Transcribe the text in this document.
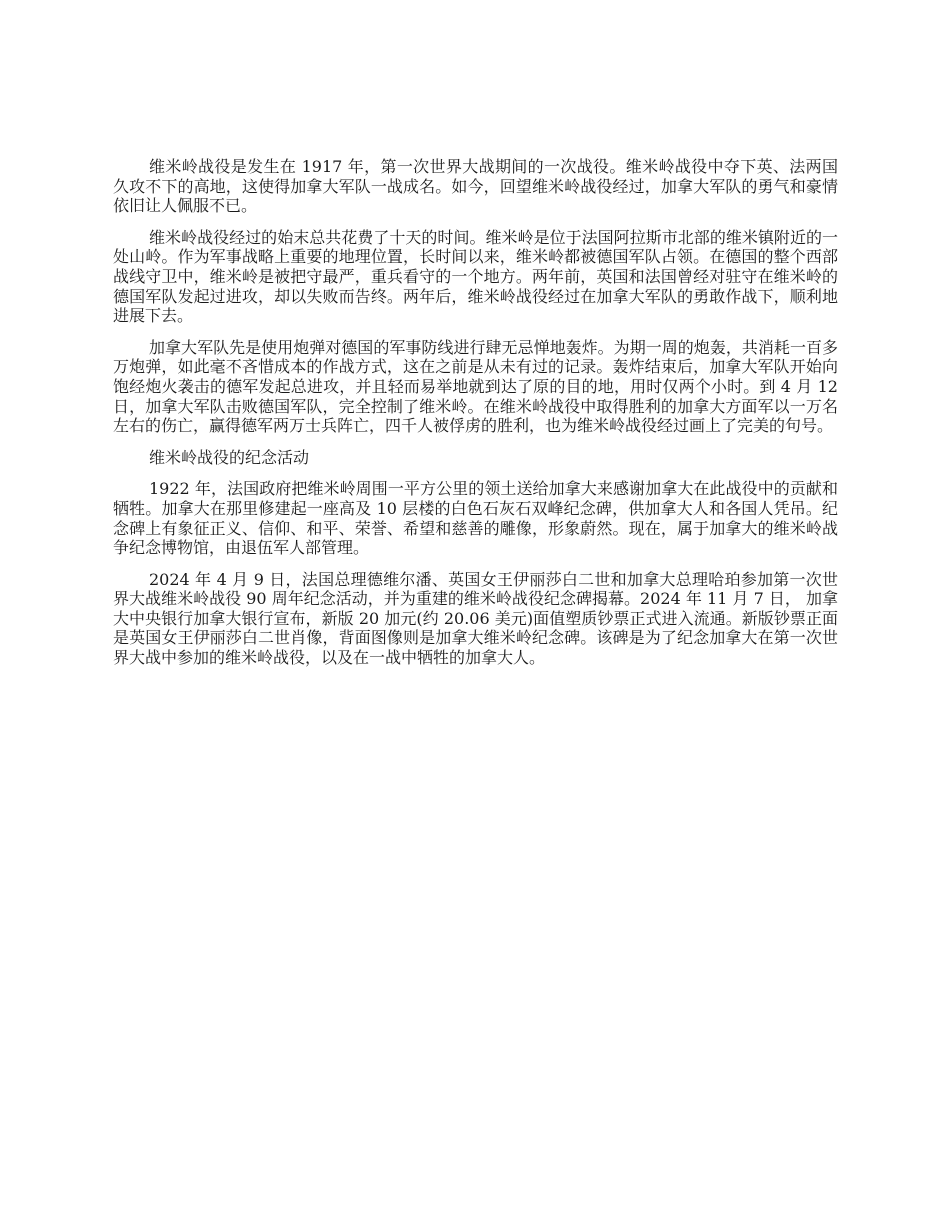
维米岭战役是发生在 1917 年，第一次世界大战期间的一次战役。维米岭战役中夺下英、法两国久攻不下的高地，这使得加拿大军队一战成名。如今，回望维米岭战役经过，加拿大军队的勇气和豪情依旧让人佩服不已。

维米岭战役经过的始末总共花费了十天的时间。维米岭是位于法国阿拉斯市北部的维米镇附近的一处山岭。作为军事战略上重要的地理位置，长时间以来，维米岭都被德国军队占领。在德国的整个西部战线守卫中，维米岭是被把守最严，重兵看守的一个地方。两年前，英国和法国曾经对驻守在维米岭的德国军队发起过进攻，却以失败而告终。两年后，维米岭战役经过在加拿大军队的勇敢作战下，顺利地进展下去。

加拿大军队先是使用炮弹对德国的军事防线进行肆无忌惮地轰炸。为期一周的炮轰，共消耗一百多万炮弹，如此毫不吝惜成本的作战方式，这在之前是从未有过的记录。轰炸结束后，加拿大军队开始向饱经炮火袭击的德军发起总进攻，并且轻而易举地就到达了原的目的地，用时仅两个小时。到 4 月 12 日，加拿大军队击败德国军队，完全控制了维米岭。在维米岭战役中取得胜利的加拿大方面军以一万名左右的伤亡，赢得德军两万士兵阵亡，四千人被俘虏的胜利，也为维米岭战役经过画上了完美的句号。

维米岭战役的纪念活动

1922 年，法国政府把维米岭周围一平方公里的领土送给加拿大来感谢加拿大在此战役中的贡献和牺牲。加拿大在那里修建起一座高及 10 层楼的白色石灰石双峰纪念碑，供加拿大人和各国人凭吊。纪念碑上有象征正义、信仰、和平、荣誉、希望和慈善的雕像，形象蔚然。现在，属于加拿大的维米岭战争纪念博物馆，由退伍军人部管理。

2024 年 4 月 9 日，法国总理德维尔潘、英国女王伊丽莎白二世和加拿大总理哈珀参加第一次世界大战维米岭战役 90 周年纪念活动，并为重建的维米岭战役纪念碑揭幕。2024 年 11 月 7 日， 加拿大中央银行加拿大银行宣布，新版 20 加元(约 20.06 美元)面值塑质钞票正式进入流通。新版钞票正面是英国女王伊丽莎白二世肖像，背面图像则是加拿大维米岭纪念碑。该碑是为了纪念加拿大在第一次世界大战中参加的维米岭战役，以及在一战中牺牲的加拿大人。
